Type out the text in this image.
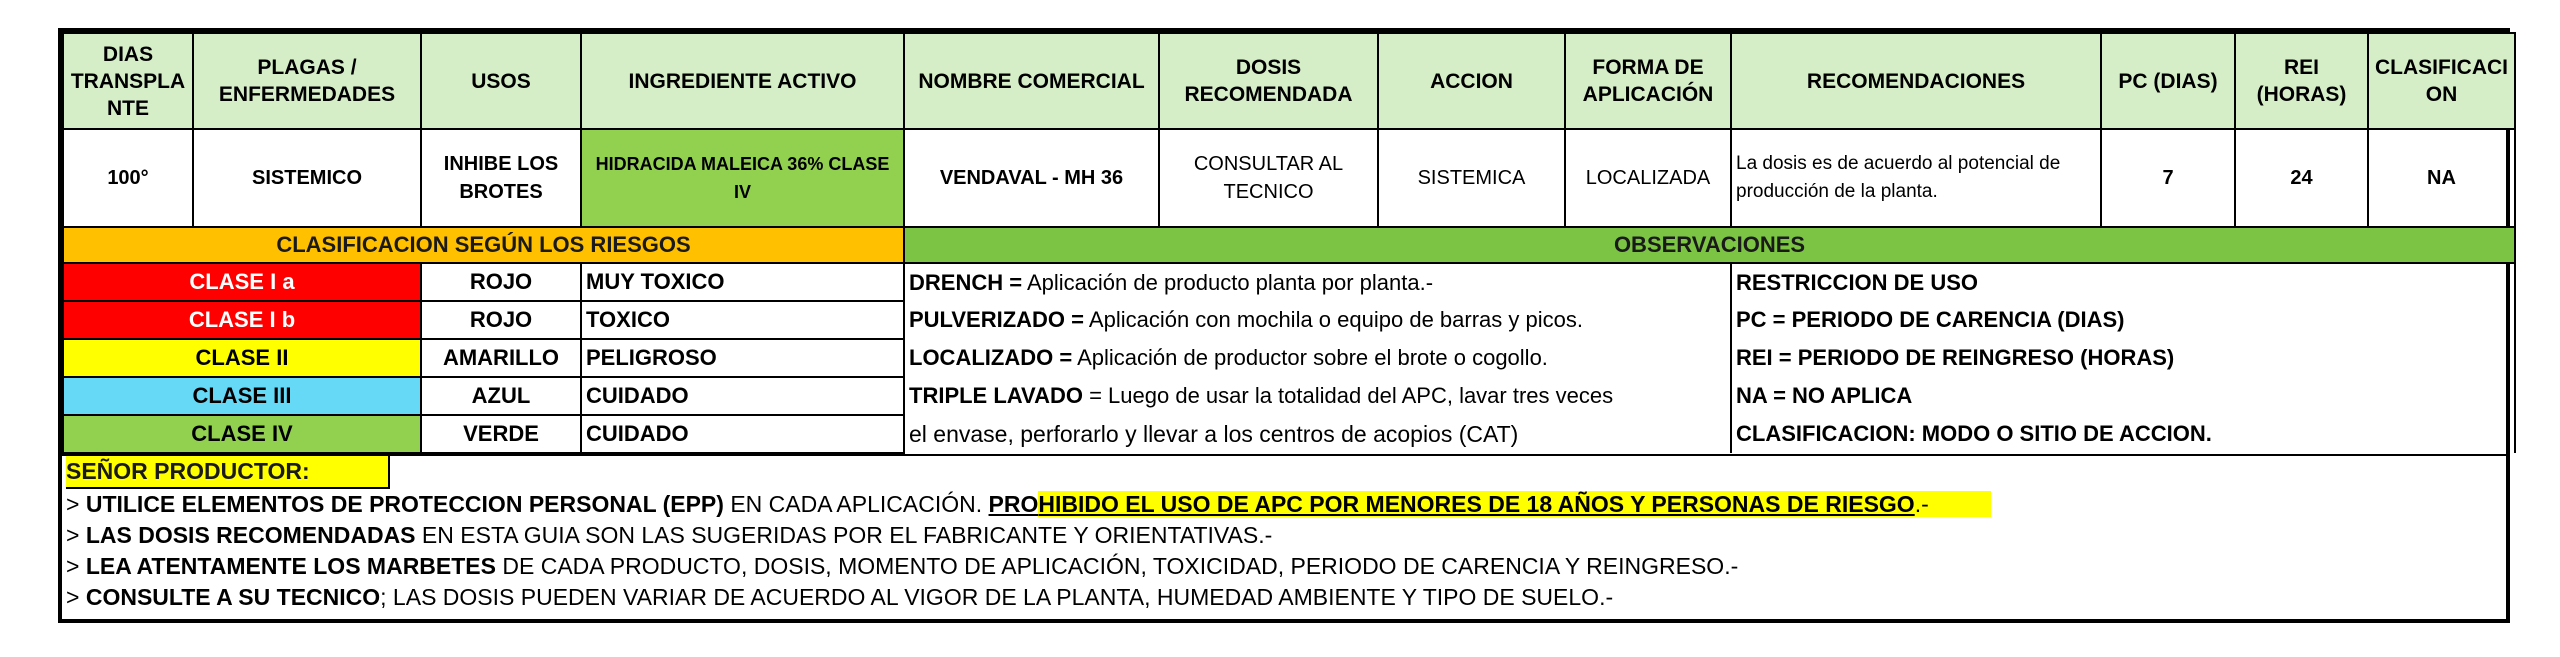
DIAS TRANSPLA NTE	PLAGAS / ENFERMEDADES	USOS	INGREDIENTE ACTIVO	NOMBRE COMERCIAL	DOSIS RECOMENDADA	ACCION	FORMA DE APLICACIÓN	RECOMENDACIONES	PC (DIAS)	REI (HORAS)	CLASIFICACI ON
100°	SISTEMICO	INHIBE LOS BROTES	HIDRACIDA MALEICA 36% CLASE IV	VENDAVAL - MH 36	CONSULTAR AL TECNICO	SISTEMICA	LOCALIZADA	La dosis es de acuerdo al potencial de producción de la planta.	7	24	NA
CLASIFICACION SEGÚN LOS RIESGOS				OBSERVACIONES							
CLASE I a		ROJO	MUY TOXICO	DRENCH = Aplicación de producto planta por planta.-				RESTRICCION DE USO			
CLASE I b		ROJO	TOXICO	PULVERIZADO = Aplicación con mochila o equipo de barras y picos.				PC = PERIODO DE CARENCIA (DIAS)			
CLASE II		AMARILLO	PELIGROSO	LOCALIZADO = Aplicación de productor sobre el brote o cogollo.				REI = PERIODO DE REINGRESO (HORAS)			
CLASE III		AZUL	CUIDADO	TRIPLE LAVADO = Luego de usar la totalidad del APC, lavar tres veces				NA = NO APLICA			
CLASE IV		VERDE	CUIDADO	el envase, perforarlo y llevar a los centros de acopios (CAT)				CLASIFICACION: MODO O SITIO DE ACCION.			
SEÑOR PRODUCTOR:
> UTILICE ELEMENTOS DE PROTECCION PERSONAL (EPP) EN CADA APLICACIÓN. PROHIBIDO EL USO DE APC POR MENORES DE 18 AÑOS Y PERSONAS DE RIESGO.-
> LAS DOSIS RECOMENDADAS EN ESTA GUIA SON LAS SUGERIDAS POR EL FABRICANTE Y ORIENTATIVAS.-
> LEA ATENTAMENTE LOS MARBETES DE CADA PRODUCTO, DOSIS, MOMENTO DE APLICACIÓN, TOXICIDAD, PERIODO DE CARENCIA Y REINGRESO.-
> CONSULTE A SU TECNICO; LAS DOSIS PUEDEN VARIAR DE ACUERDO AL VIGOR DE LA PLANTA, HUMEDAD AMBIENTE Y TIPO DE SUELO.-
